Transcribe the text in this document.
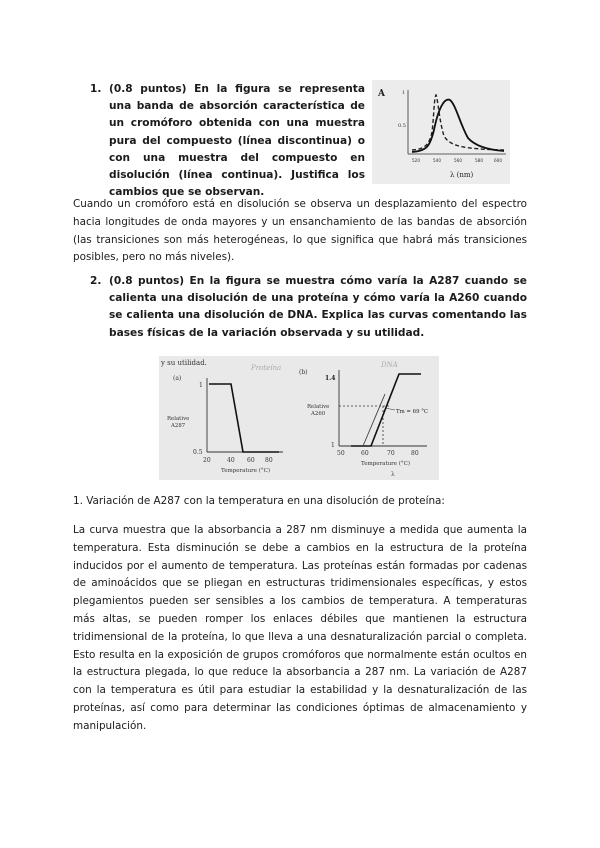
1. (0.8 puntos) En la figura se representa una banda de absorción característica de un cromóforo obtenida con una muestra pura del compuesto (línea discontinua) o con una muestra del compuesto en disolución (línea continua). Justifica los cambios que se observan.
A	1
0.5
520	540	560	580	600
λ (nm)
Cuando un cromóforo está en disolución se observa un desplazamiento del espectro hacia longitudes de onda mayores y un ensanchamiento de las bandas de absorción (las transiciones son más heterogéneas, lo que significa que habrá más transiciones posibles, pero no más niveles).
2. (0.8 puntos) En la figura se muestra cómo varía la A287 cuando se calienta una disolución de una proteína y cómo varía la A260 cuando se calienta una disolución de DNA. Explica las curvas comentando las bases físicas de la variación observada y su utilidad.
y su utilidad.
(a)
Proteína
1
0.5
Relative
A287
20	40 60 80
Temperature (°C)
(b)
DNA
1.4
1
Relative
A260	Tm = 69 °C
50	60	70	80
Temperature (°C)
λ
1. Variación de A287 con la temperatura en una disolución de proteína:
La curva muestra que la absorbancia a 287 nm disminuye a medida que aumenta la temperatura. Esta disminución se debe a cambios en la estructura de la proteína inducidos por el aumento de temperatura. Las proteínas están formadas por cadenas de aminoácidos que se pliegan en estructuras tridimensionales específicas, y estos plegamientos pueden ser sensibles a los cambios de temperatura. A temperaturas más altas, se pueden romper los enlaces débiles que mantienen la estructura tridimensional de la proteína, lo que lleva a una desnaturalización parcial o completa. Esto resulta en la exposición de grupos cromóforos que normalmente están ocultos en la estructura plegada, lo que reduce la absorbancia a 287 nm. La variación de A287 con la temperatura es útil para estudiar la estabilidad y la desnaturalización de las proteínas, así como para determinar las condiciones óptimas de almacenamiento y manipulación.
